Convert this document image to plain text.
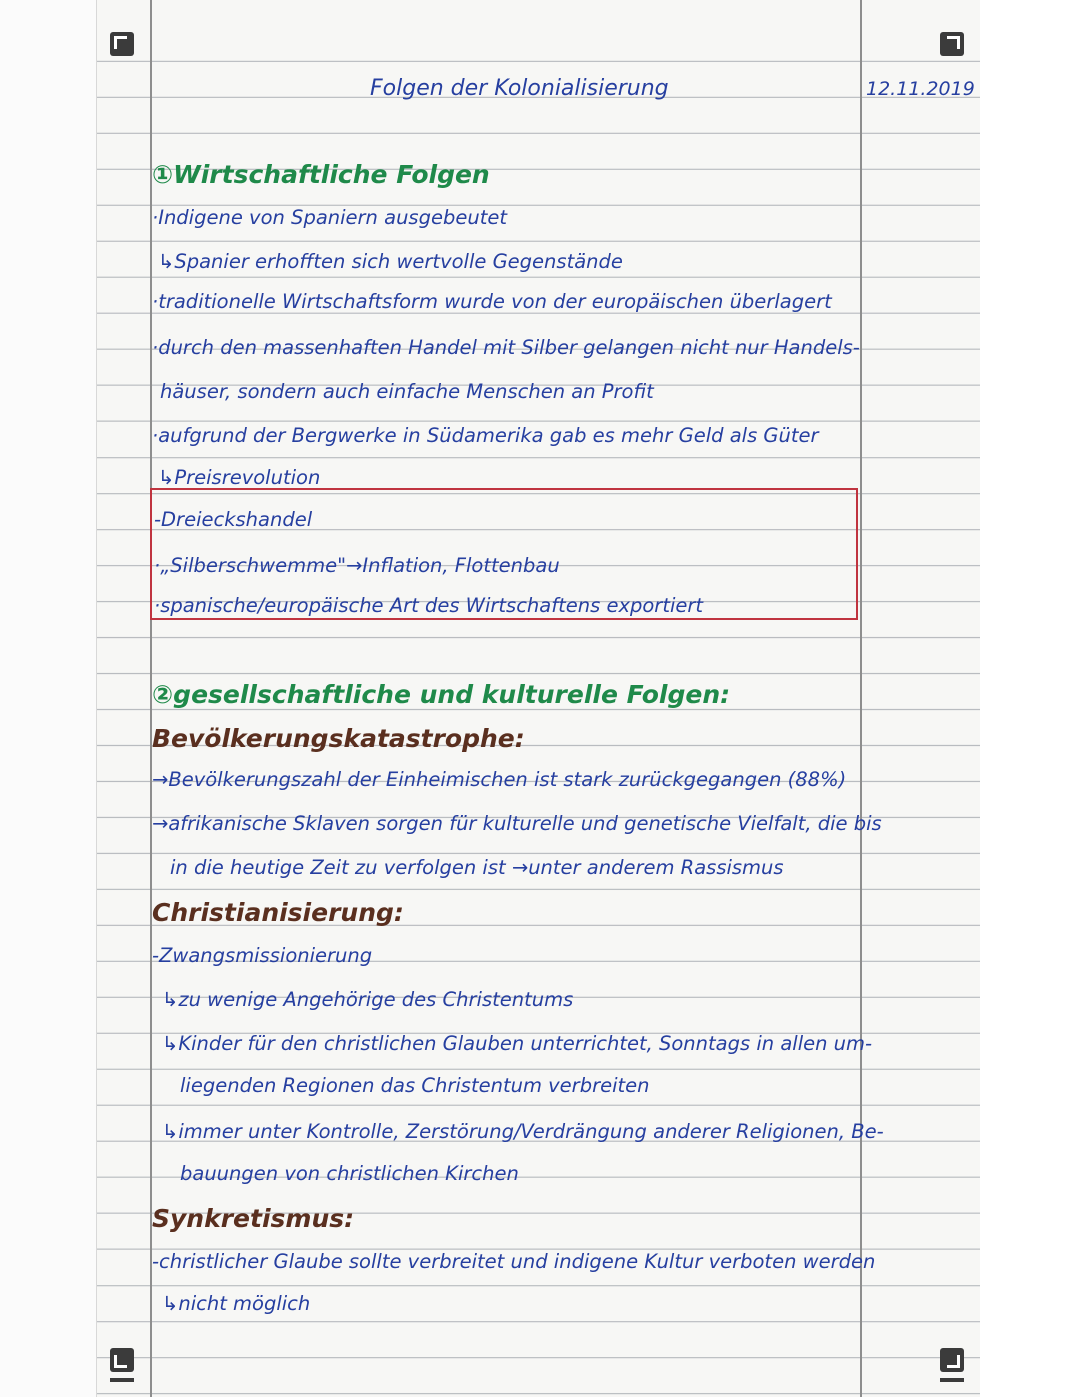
Folgen der Kolonialisierung	12.11.2019
①Wirtschaftliche Folgen
·Indigene von Spaniern ausgebeutet
↳Spanier erhofften sich wertvolle Gegenstände
·traditionelle Wirtschaftsform wurde von der europäischen überlagert
·durch den massenhaften Handel mit Silber gelangen nicht nur Handels-
häuser, sondern auch einfache Menschen an Profit
·aufgrund der Bergwerke in Südamerika gab es mehr Geld als Güter
↳Preisrevolution
-Dreieckshandel
·„Silberschwemme"→Inflation, Flottenbau
·spanische/europäische Art des Wirtschaftens exportiert
②gesellschaftliche und kulturelle Folgen:
Bevölkerungskatastrophe:
→Bevölkerungszahl der Einheimischen ist stark zurückgegangen (88%)
→afrikanische Sklaven sorgen für kulturelle und genetische Vielfalt, die bis
in die heutige Zeit zu verfolgen ist →unter anderem Rassismus
Christianisierung:
-Zwangsmissionierung
↳zu wenige Angehörige des Christentums
↳Kinder für den christlichen Glauben unterrichtet, Sonntags in allen um-
liegenden Regionen das Christentum verbreiten
↳immer unter Kontrolle, Zerstörung/Verdrängung anderer Religionen, Be-
bauungen von christlichen Kirchen
Synkretismus:
-christlicher Glaube sollte verbreitet und indigene Kultur verboten werden
↳nicht möglich
